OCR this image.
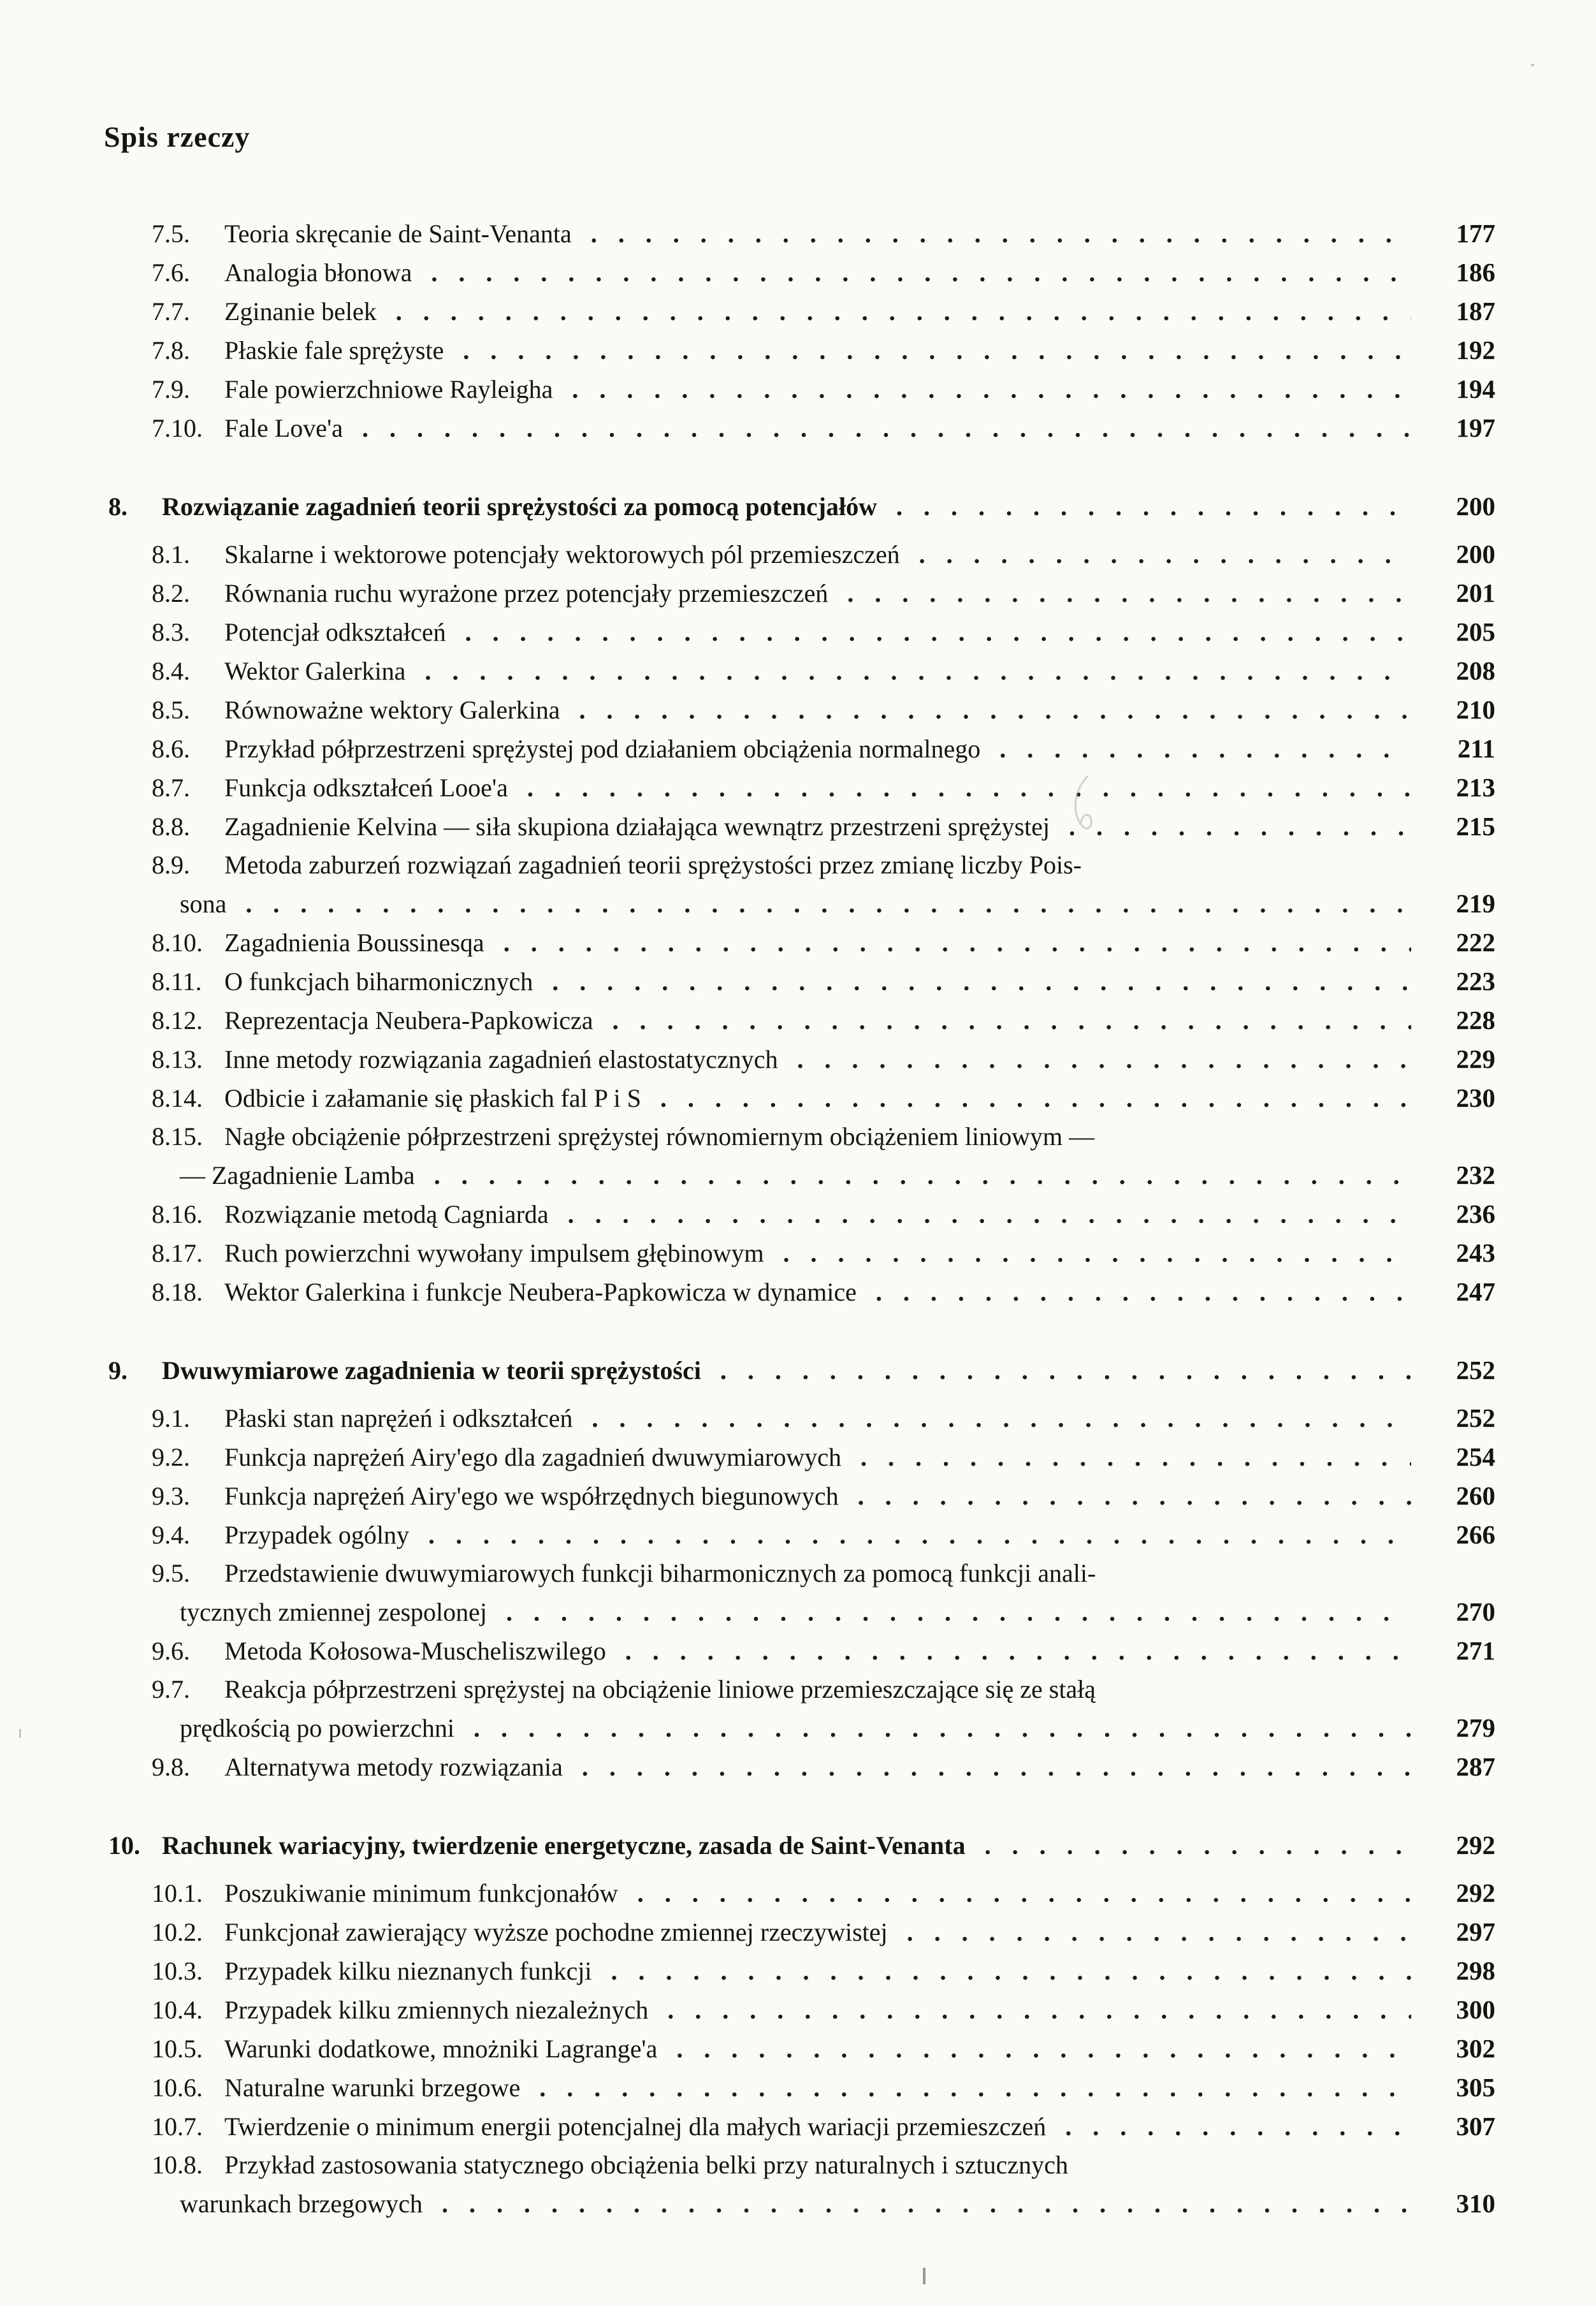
Spis rzeczy
7.5.	Teoria skręcanie de Saint-Venanta .....	177
7.6.	Analogia błonowa .....	186
7.7.	Zginanie belek .....	187
7.8.	Płaskie fale sprężyste .....	192
7.9.	Fale powierzchniowe Rayleigha .....	194
7.10. Fale Love'a .....	197
8.	Rozwiązanie zagadnień teorii sprężystości za pomocą potencjałów .....	200
8.1.	Skalarne i wektorowe potencjały wektorowych pól przemieszczeń .....	200
8.2.	Równania ruchu wyrażone przez potencjały przemieszczeń .....	201
8.3.	Potencjał odkształceń .....	205
8.4.	Wektor Galerkina .....	208
8.5.	Równoważne wektory Galerkina .....	210
8.6.	Przykład półprzestrzeni sprężystej pod działaniem obciążenia normalnego .....	211
8.7.	Funkcja odkształceń Looe'a .....	213
8.8.	Zagadnienie Kelvina — siła skupiona działająca wewnątrz przestrzeni sprężystej .....	215
8.9.	Metoda zaburzeń rozwiązań zagadnień teorii sprężystości przez zmianę liczby Pois-
sona .....	219
8.10. Zagadnienia Boussinesqa .....	222
8.11. O funkcjach biharmonicznych .....	223
8.12. Reprezentacja Neubera-Papkowicza .....	228
8.13. Inne metody rozwiązania zagadnień elastostatycznych .....	229
8.14. Odbicie i załamanie się płaskich fal P i S .....	230
8.15. Nagłe obciążenie półprzestrzeni sprężystej równomiernym obciążeniem liniowym —
— Zagadnienie Lamba .....	232
8.16. Rozwiązanie metodą Cagniarda .....	236
8.17. Ruch powierzchni wywołany impulsem głębinowym .....	243
8.18. Wektor Galerkina i funkcje Neubera-Papkowicza w dynamice .....	247
9.	Dwuwymiarowe zagadnienia w teorii sprężystości .....	252
9.1.	Płaski stan naprężeń i odkształceń .....	252
9.2.	Funkcja naprężeń Airy'ego dla zagadnień dwuwymiarowych .....	254
9.3.	Funkcja naprężeń Airy'ego we współrzędnych biegunowych .....	260
9.4.	Przypadek ogólny .....	266
9.5.	Przedstawienie dwuwymiarowych funkcji biharmonicznych za pomocą funkcji anali-
tycznych zmiennej zespolonej .....	270
9.6.	Metoda Kołosowa-Muscheliszwilego .....	271
9.7.	Reakcja półprzestrzeni sprężystej na obciążenie liniowe przemieszczające się ze stałą
prędkością po powierzchni .....	279
9.8.	Alternatywa metody rozwiązania .....	287
10. Rachunek wariacyjny, twierdzenie energetyczne, zasada de Saint-Venanta .....	292
10.1. Poszukiwanie minimum funkcjonałów .....	292
10.2. Funkcjonał zawierający wyższe pochodne zmiennej rzeczywistej .....	297
10.3. Przypadek kilku nieznanych funkcji .....	298
10.4. Przypadek kilku zmiennych niezależnych .....	300
10.5. Warunki dodatkowe, mnożniki Lagrange'a .....	302
10.6. Naturalne warunki brzegowe .....	305
10.7. Twierdzenie o minimum energii potencjalnej dla małych wariacji przemieszczeń .....	307
10.8. Przykład zastosowania statycznego obciążenia belki przy naturalnych i sztucznych
warunkach brzegowych .....	310
